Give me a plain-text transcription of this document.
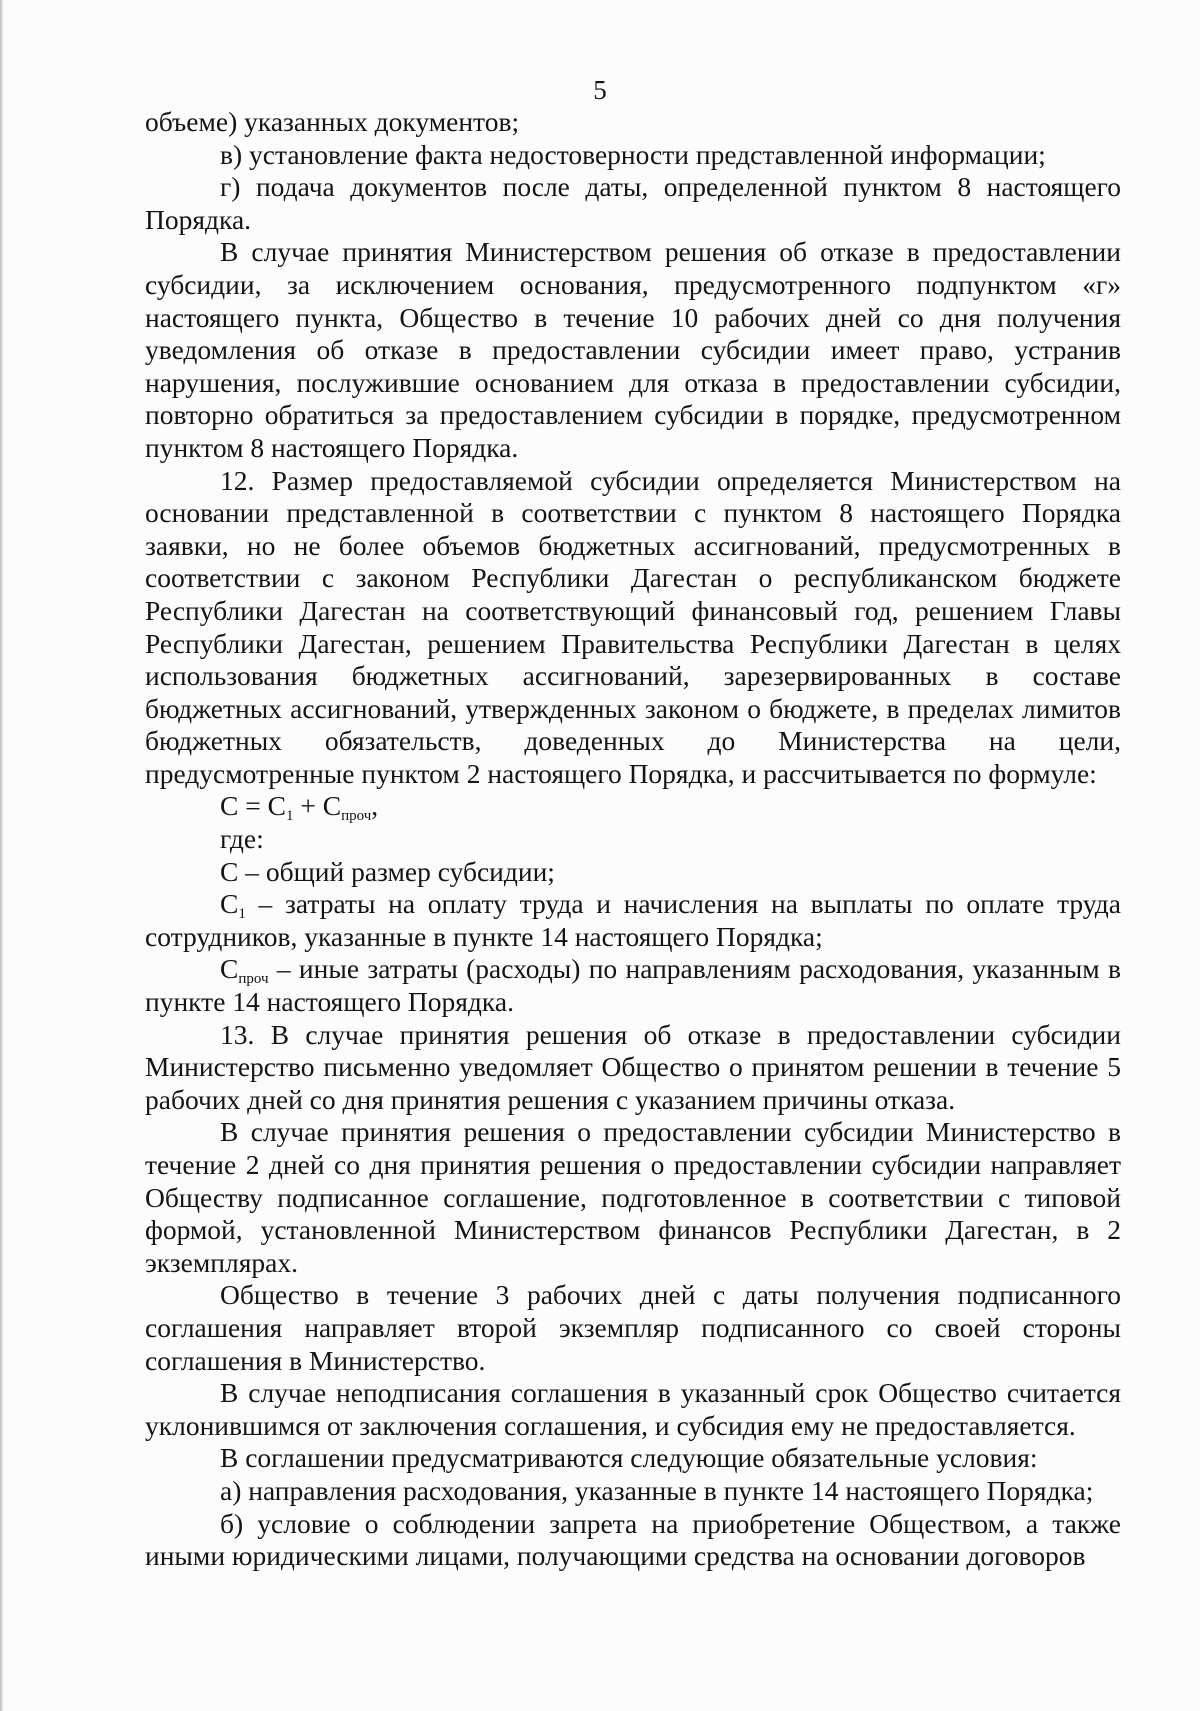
5

объеме) указанных документов;

в) установление факта недостоверности представленной информации;

г) подача документов после даты, определенной пунктом 8 настоящего Порядка.

В случае принятия Министерством решения об отказе в предоставлении субсидии, за исключением основания, предусмотренного подпунктом «г» настоящего пункта, Общество в течение 10 рабочих дней со дня получения уведомления об отказе в предоставлении субсидии имеет право, устранив нарушения, послужившие основанием для отказа в предоставлении субсидии, повторно обратиться за предоставлением субсидии в порядке, предусмотренном пунктом 8 настоящего Порядка.

12. Размер предоставляемой субсидии определяется Министерством на основании представленной в соответствии с пунктом 8 настоящего Порядка заявки, но не более объемов бюджетных ассигнований, предусмотренных в соответствии с законом Республики Дагестан о республиканском бюджете Республики Дагестан на соответствующий финансовый год, решением Главы Республики Дагестан, решением Правительства Республики Дагестан в целях использования бюджетных ассигнований, зарезервированных в составе бюджетных ассигнований, утвержденных законом о бюджете, в пределах лимитов бюджетных обязательств, доведенных до Министерства на цели, предусмотренные пунктом 2 настоящего Порядка, и рассчитывается по формуле:

$С = С_1 + С_{проч}$,

где:

С – общий размер субсидии;

$С_1$ – затраты на оплату труда и начисления на выплаты по оплате труда сотрудников, указанные в пункте 14 настоящего Порядка;

$С_{проч}$ – иные затраты (расходы) по направлениям расходования, указанным в пункте 14 настоящего Порядка.

13. В случае принятия решения об отказе в предоставлении субсидии Министерство письменно уведомляет Общество о принятом решении в течение 5 рабочих дней со дня принятия решения с указанием причины отказа.

В случае принятия решения о предоставлении субсидии Министерство в течение 2 дней со дня принятия решения о предоставлении субсидии направляет Обществу подписанное соглашение, подготовленное в соответствии с типовой формой, установленной Министерством финансов Республики Дагестан, в 2 экземплярах.

Общество в течение 3 рабочих дней с даты получения подписанного соглашения направляет второй экземпляр подписанного со своей стороны соглашения в Министерство.

В случае неподписания соглашения в указанный срок Общество считается уклонившимся от заключения соглашения, и субсидия ему не предоставляется.

В соглашении предусматриваются следующие обязательные условия:

а) направления расходования, указанные в пункте 14 настоящего Порядка;

б) условие о соблюдении запрета на приобретение Обществом, а также иными юридическими лицами, получающими средства на основании договоров
